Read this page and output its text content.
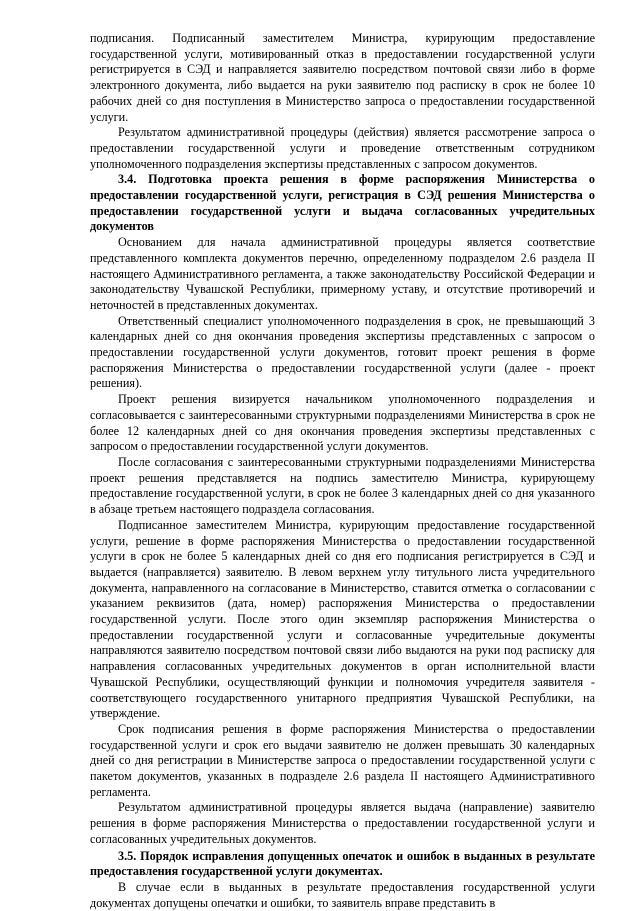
подписания. Подписанный заместителем Министра, курирующим предоставление государственной услуги, мотивированный отказ в предоставлении государственной услуги регистрируется в СЭД и направляется заявителю посредством почтовой связи либо в форме электронного документа, либо выдается на руки заявителю под расписку в срок не более 10 рабочих дней со дня поступления в Министерство запроса о предоставлении государственной услуги.

Результатом административной процедуры (действия) является рассмотрение запроса о предоставлении государственной услуги и проведение ответственным сотрудником уполномоченного подразделения экспертизы представленных с запросом документов.

3.4. Подготовка проекта решения в форме распоряжения Министерства о предоставлении государственной услуги, регистрация в СЭД решения Министерства о предоставлении государственной услуги и выдача согласованных учредительных документов

Основанием для начала административной процедуры является соответствие представленного комплекта документов перечню, определенному подразделом 2.6 раздела II настоящего Административного регламента, а также законодательству Российской Федерации и законодательству Чувашской Республики, примерному уставу, и отсутствие противоречий и неточностей в представленных документах.

Ответственный специалист уполномоченного подразделения в срок, не превышающий 3 календарных дней со дня окончания проведения экспертизы представленных с запросом о предоставлении государственной услуги документов, готовит проект решения в форме распоряжения Министерства о предоставлении государственной услуги (далее - проект решения).

Проект решения визируется начальником уполномоченного подразделения и согласовывается с заинтересованными структурными подразделениями Министерства в срок не более 12 календарных дней со дня окончания проведения экспертизы представленных с запросом о предоставлении государственной услуги документов.

После согласования с заинтересованными структурными подразделениями Министерства проект решения представляется на подпись заместителю Министра, курирующему предоставление государственной услуги, в срок не более 3 календарных дней со дня указанного в абзаце третьем настоящего подраздела согласования.

Подписанное заместителем Министра, курирующим предоставление государственной услуги, решение в форме распоряжения Министерства о предоставлении государственной услуги в срок не более 5 календарных дней со дня его подписания регистрируется в СЭД и выдается (направляется) заявителю. В левом верхнем углу титульного листа учредительного документа, направленного на согласование в Министерство, ставится отметка о согласовании с указанием реквизитов (дата, номер) распоряжения Министерства о предоставлении государственной услуги. После этого один экземпляр распоряжения Министерства о предоставлении государственной услуги и согласованные учредительные документы направляются заявителю посредством почтовой связи либо выдаются на руки под расписку для направления согласованных учредительных документов в орган исполнительной власти Чувашской Республики, осуществляющий функции и полномочия учредителя заявителя - соответствующего государственного унитарного предприятия Чувашской Республики, на утверждение.

Срок подписания решения в форме распоряжения Министерства о предоставлении государственной услуги и срок его выдачи заявителю не должен превышать 30 календарных дней со дня регистрации в Министерстве запроса о предоставлении государственной услуги с пакетом документов, указанных в подразделе 2.6 раздела II настоящего Административного регламента.

Результатом административной процедуры является выдача (направление) заявителю решения в форме распоряжения Министерства о предоставлении государственной услуги и согласованных учредительных документов.

3.5. Порядок исправления допущенных опечаток и ошибок в выданных в результате предоставления государственной услуги документах.

В случае если в выданных в результате предоставления государственной услуги документах допущены опечатки и ошибки, то заявитель вправе представить в
